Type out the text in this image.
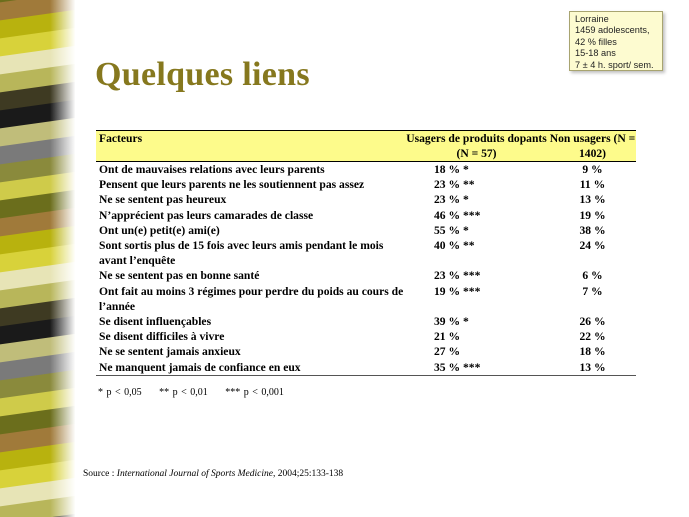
Lorraine
1459 adolescents,
42 % filles
15-18 ans
7 ± 4 h. sport/ sem.
Quelques liens
Facteurs	Usagers de produits dopants (N = 57)	Non usagers (N = 1402)
Ont de mauvaises relations avec leurs parents	18 % *	9 %
Pensent que leurs parents ne les soutiennent pas assez	23 % **	11 %
Ne se sentent pas heureux	23 % *	13 %
N’apprécient pas leurs camarades de classe	46 % ***	19 %
Ont un(e) petit(e) ami(e)	55 % *	38 %
Sont sortis plus de 15 fois avec leurs amis pendant le mois avant l’enquête	40 % **	24 %
Ne se sentent pas en bonne santé	23 % ***	6 %
Ont fait au moins 3 régimes pour perdre du poids au cours de l’année	19 % ***	7 %
Se disent influençables	39 % *	26 %
Se disent difficiles à vivre	21 %	22 %
Ne se sentent jamais anxieux	27 %	18 %
Ne manquent jamais de confiance en eux	35 % ***	13 %
* p < 0,05 ** p < 0,01 *** p < 0,001
Source : International Journal of Sports Medicine, 2004;25:133-138
